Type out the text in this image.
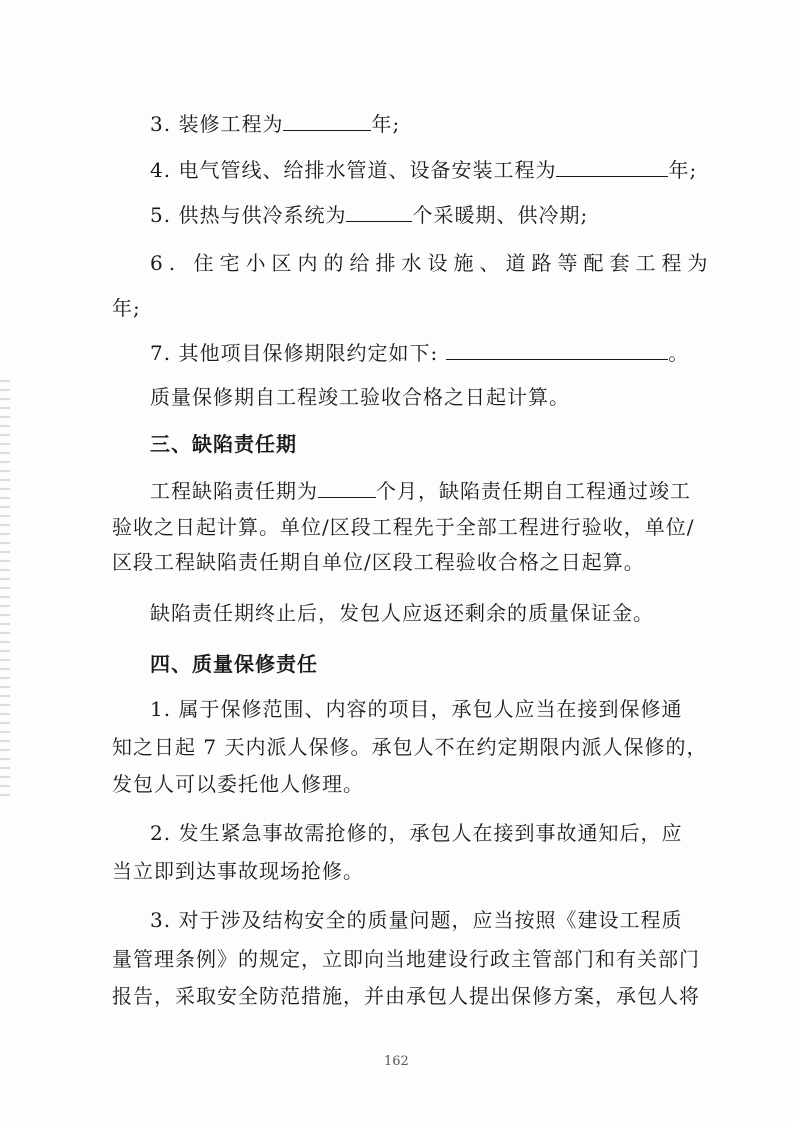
3. 装修工程为	年;
4. 电气管线、给排水管道、设备安装工程为	年;
5. 供热与供冷系统为	个采暖期、供冷期;
6. 住宅小区内的给排水设施、道路等配套工程为
年;
7. 其他项目保修期限约定如下:	。
质量保修期自工程竣工验收合格之日起计算。
三、缺陷责任期
工程缺陷责任期为	个月，缺陷责任期自工程通过竣工
验收之日起计算。单位/区段工程先于全部工程进行验收，单位/
区段工程缺陷责任期自单位/区段工程验收合格之日起算。
缺陷责任期终止后，发包人应返还剩余的质量保证金。
四、质量保修责任
1. 属于保修范围、内容的项目，承包人应当在接到保修通
知之日起 7 天内派人保修。承包人不在约定期限内派人保修的，
发包人可以委托他人修理。
2. 发生紧急事故需抢修的，承包人在接到事故通知后，应
当立即到达事故现场抢修。
3. 对于涉及结构安全的质量问题，应当按照《建设工程质
量管理条例》的规定，立即向当地建设行政主管部门和有关部门
报告，采取安全防范措施，并由承包人提出保修方案，承包人将
162
